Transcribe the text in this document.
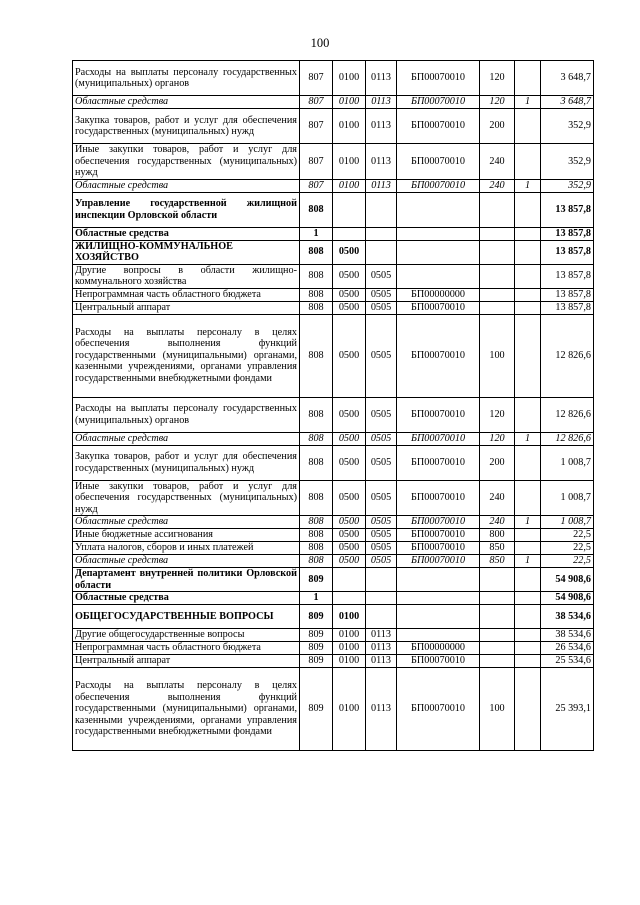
100
Расходы на выплаты персоналу государственных (муниципальных) органов	807	0100	0113	БП00070010	120		3 648,7
Областные средства	807	0100	0113	БП00070010	120	1	3 648,7
Закупка товаров, работ и услуг для обеспечения государственных (муниципальных) нужд	807	0100	0113	БП00070010	200		352,9
Иные закупки товаров, работ и услуг для обеспечения государственных (муниципальных) нужд	807	0100	0113	БП00070010	240		352,9
Областные средства	807	0100	0113	БП00070010	240	1	352,9
Управление государственной жилищной инспекции Орловской области	808						13 857,8
Областные средства	1						13 857,8
ЖИЛИЩНО-КОММУНАЛЬНОЕ ХОЗЯЙСТВО	808	0500					13 857,8
Другие вопросы в области жилищно-коммунального хозяйства	808	0500	0505				13 857,8
Непрограммная часть областного бюджета	808	0500	0505	БП00000000			13 857,8
Центральный аппарат	808	0500	0505	БП00070010			13 857,8
Расходы на выплаты персоналу в целях обеспечения выполнения функций государственными (муниципальными) органами, казенными учреждениями, органами управления государственными внебюджетными фондами	808	0500	0505	БП00070010	100		12 826,6
Расходы на выплаты персоналу государственных (муниципальных) органов	808	0500	0505	БП00070010	120		12 826,6
Областные средства	808	0500	0505	БП00070010	120	1	12 826,6
Закупка товаров, работ и услуг для обеспечения государственных (муниципальных) нужд	808	0500	0505	БП00070010	200		1 008,7
Иные закупки товаров, работ и услуг для обеспечения государственных (муниципальных) нужд	808	0500	0505	БП00070010	240		1 008,7
Областные средства	808	0500	0505	БП00070010	240	1	1 008,7
Иные бюджетные ассигнования	808	0500	0505	БП00070010	800		22,5
Уплата налогов, сборов и иных платежей	808	0500	0505	БП00070010	850		22,5
Областные средства	808	0500	0505	БП00070010	850	1	22,5
Департамент внутренней политики Орловской области	809						54 908,6
Областные средства	1						54 908,6
ОБЩЕГОСУДАРСТВЕННЫЕ ВОПРОСЫ	809	0100					38 534,6
Другие общегосударственные вопросы	809	0100	0113				38 534,6
Непрограммная часть областного бюджета	809	0100	0113	БП00000000			26 534,6
Центральный аппарат	809	0100	0113	БП00070010			25 534,6
Расходы на выплаты персоналу в целях обеспечения выполнения функций государственными (муниципальными) органами, казенными учреждениями, органами управления государственными внебюджетными фондами	809	0100	0113	БП00070010	100		25 393,1
